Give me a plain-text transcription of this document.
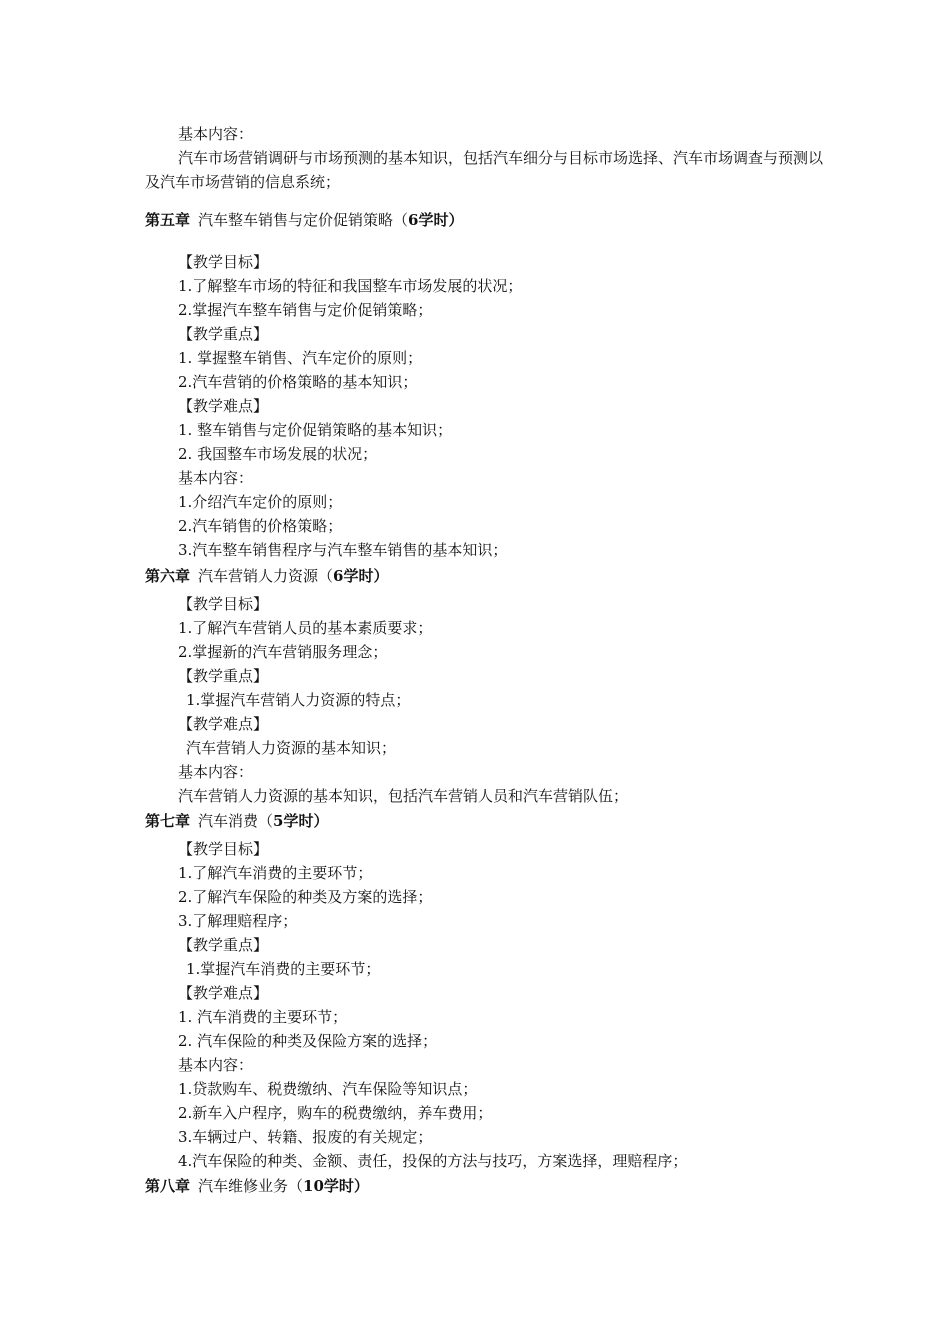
基本内容：
汽车市场营销调研与市场预测的基本知识，包括汽车细分与目标市场选择、汽车市场调查与预测以及汽车市场营销的信息系统；
第五章 汽车整车销售与定价促销策略（6学时）
【教学目标】
1.了解整车市场的特征和我国整车市场发展的状况；
2.掌握汽车整车销售与定价促销策略；
【教学重点】
1. 掌握整车销售、汽车定价的原则；
2.汽车营销的价格策略的基本知识；
【教学难点】
1. 整车销售与定价促销策略的基本知识；
2. 我国整车市场发展的状况；
基本内容：
1.介绍汽车定价的原则；
2.汽车销售的价格策略；
3.汽车整车销售程序与汽车整车销售的基本知识；
第六章 汽车营销人力资源（6学时）
【教学目标】
1.了解汽车营销人员的基本素质要求；
2.掌握新的汽车营销服务理念；
【教学重点】
1.掌握汽车营销人力资源的特点；
【教学难点】
汽车营销人力资源的基本知识；
基本内容：
汽车营销人力资源的基本知识，包括汽车营销人员和汽车营销队伍；
第七章 汽车消费（5学时）
【教学目标】
1.了解汽车消费的主要环节；
2.了解汽车保险的种类及方案的选择；
3.了解理赔程序；
【教学重点】
1.掌握汽车消费的主要环节；
【教学难点】
1. 汽车消费的主要环节；
2. 汽车保险的种类及保险方案的选择；
基本内容：
1.贷款购车、税费缴纳、汽车保险等知识点；
2.新车入户程序，购车的税费缴纳，养车费用；
3.车辆过户、转籍、报废的有关规定；
4.汽车保险的种类、金额、责任，投保的方法与技巧，方案选择，理赔程序；
第八章 汽车维修业务（10学时）
